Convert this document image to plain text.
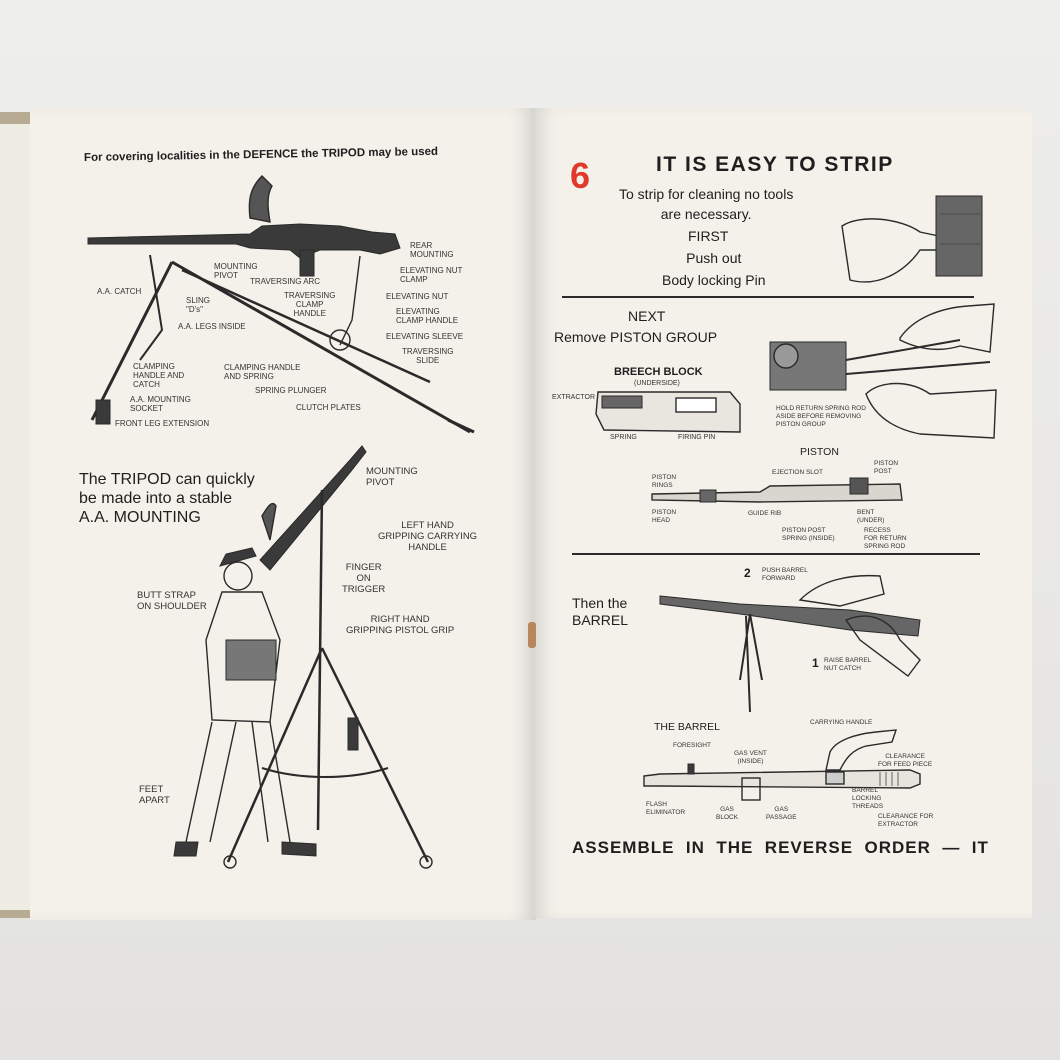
For covering localities in the DEFENCE the TRIPOD may be used
REAR
MOUNTING
MOUNTING
PIVOT
ELEVATING NUT
CLAMP
A.A. CATCH
TRAVERSING ARC
ELEVATING NUT
SLING
"D's"
TRAVERSING
CLAMP
HANDLE	ELEVATING
CLAMP HANDLE
A.A. LEGS INSIDE
ELEVATING SLEEVE
TRAVERSING
SLIDE
CLAMPING
HANDLE AND
CATCH
CLAMPING HANDLE
AND SPRING
SPRING PLUNGER
A.A. MOUNTING
SOCKET	CLUTCH PLATES
FRONT LEG EXTENSION
The TRIPOD can quickly
be made into a stable
A.A. MOUNTING
MOUNTING
PIVOT
LEFT HAND
GRIPPING CARRYING
HANDLE
FINGER
ON
TRIGGER
BUTT STRAP
ON SHOULDER
RIGHT HAND
GRIPPING PISTOL GRIP
FEET
APART
6	IT IS EASY TO STRIP
To strip for cleaning no tools
are necessary.
FIRST
Push out
Body locking Pin
NEXT
Remove PISTON GROUP
BREECH BLOCK
(UNDERSIDE)
EXTRACTOR
SPRING	FIRING PIN
HOLD RETURN SPRING ROD
ASIDE BEFORE REMOVING
PISTON GROUP
PISTON
PISTON
RINGS
EJECTION SLOT
PISTON
POST
PISTON
HEAD
GUIDE RIB	BENT
(UNDER)
PISTON POST
SPRING (INSIDE)
RECESS
FOR RETURN
SPRING ROD
Then the
BARREL
2 PUSH BARREL
FORWARD
1 RAISE BARREL
NUT CATCH
THE BARREL	CARRYING HANDLE
FORESIGHT
GAS VENT
(INSIDE)
CLEARANCE
FOR FEED PIECE
FLASH
ELIMINATOR	GAS
BLOCK
GAS
PASSAGE
BARREL
LOCKING
THREADS
CLEARANCE FOR
EXTRACTOR
ASSEMBLE  IN  THE  REVERSE  ORDER  —  IT
